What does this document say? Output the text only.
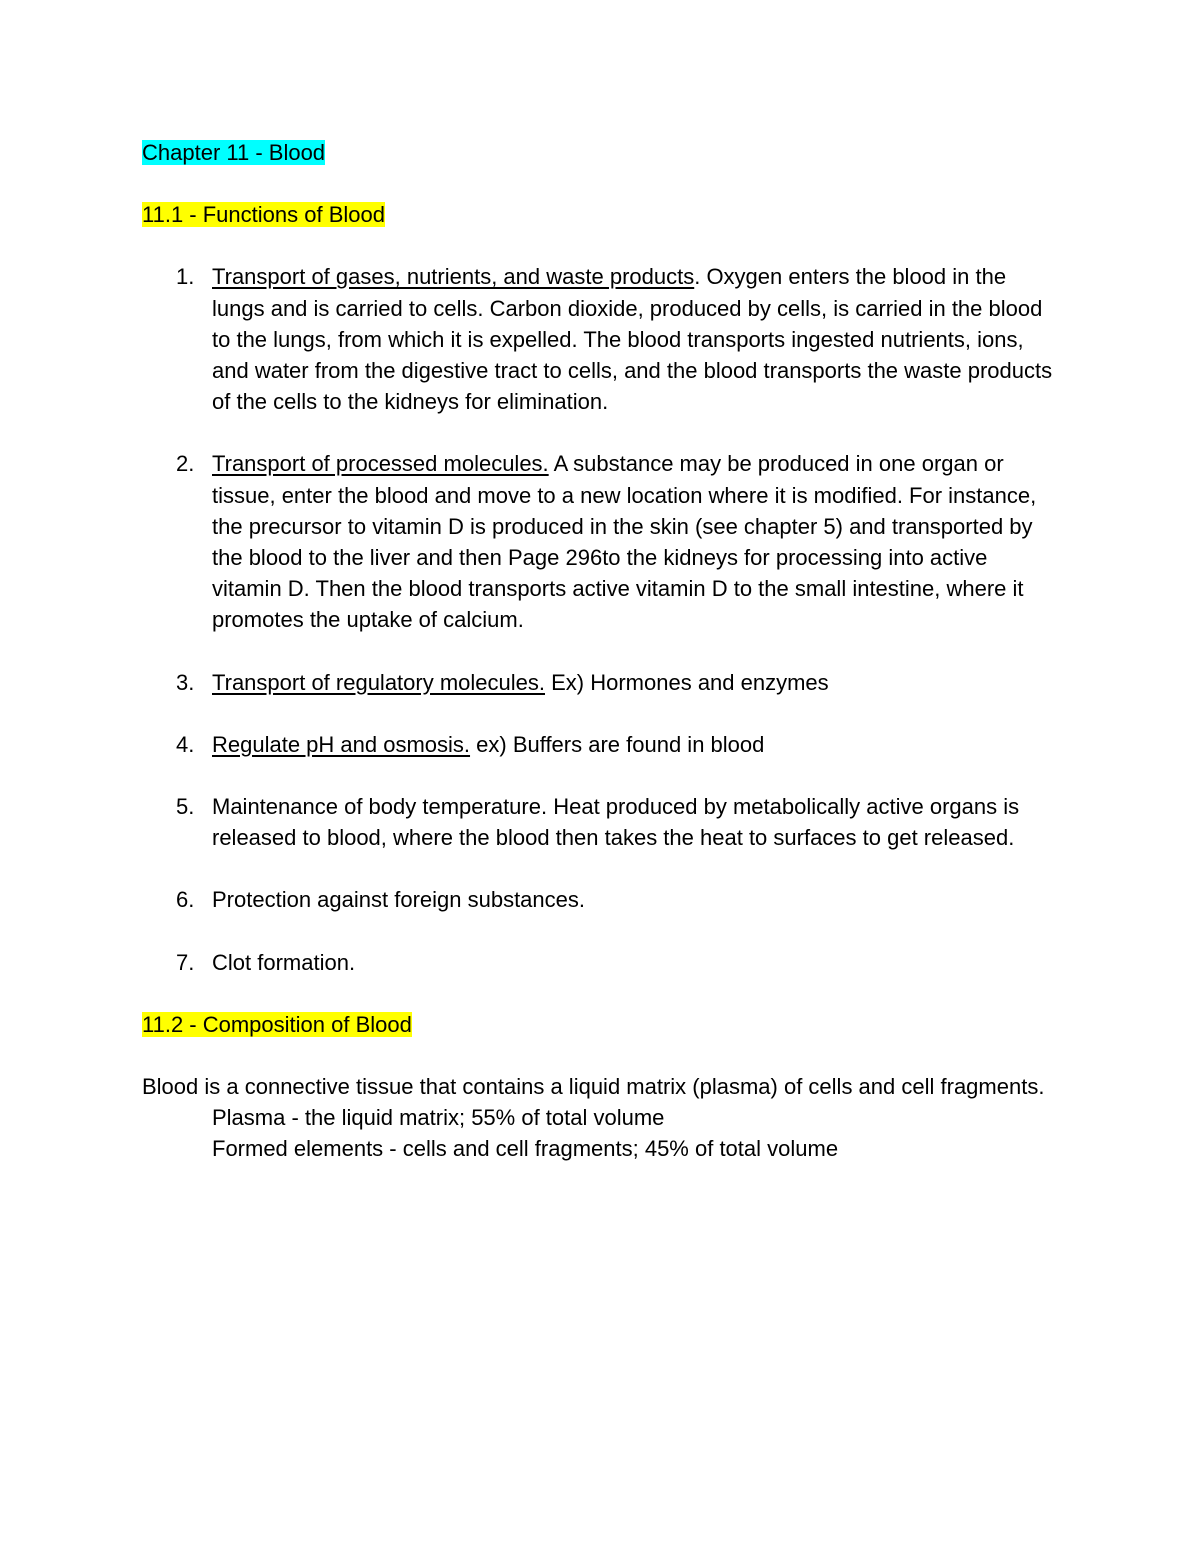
Chapter 11 - Blood

11.1 - Functions of Blood

1. Transport of gases, nutrients, and waste products. Oxygen enters the blood in the lungs and is carried to cells. Carbon dioxide, produced by cells, is carried in the blood to the lungs, from which it is expelled. The blood transports ingested nutrients, ions, and water from the digestive tract to cells, and the blood transports the waste products of the cells to the kidneys for elimination.
2. Transport of processed molecules. A substance may be produced in one organ or tissue, enter the blood and move to a new location where it is modified. For instance, the precursor to vitamin D is produced in the skin (see chapter 5) and transported by the blood to the liver and then Page 296to the kidneys for processing into active vitamin D. Then the blood transports active vitamin D to the small intestine, where it promotes the uptake of calcium.
3. Transport of regulatory molecules. Ex) Hormones and enzymes
4. Regulate pH and osmosis. ex) Buffers are found in blood
5. Maintenance of body temperature. Heat produced by metabolically active organs is released to blood, where the blood then takes the heat to surfaces to get released.
6. Protection against foreign substances.
7. Clot formation.

11.2 - Composition of Blood

Blood is a connective tissue that contains a liquid matrix (plasma) of cells and cell fragments.

Plasma - the liquid matrix; 55% of total volume

Formed elements - cells and cell fragments; 45% of total volume
